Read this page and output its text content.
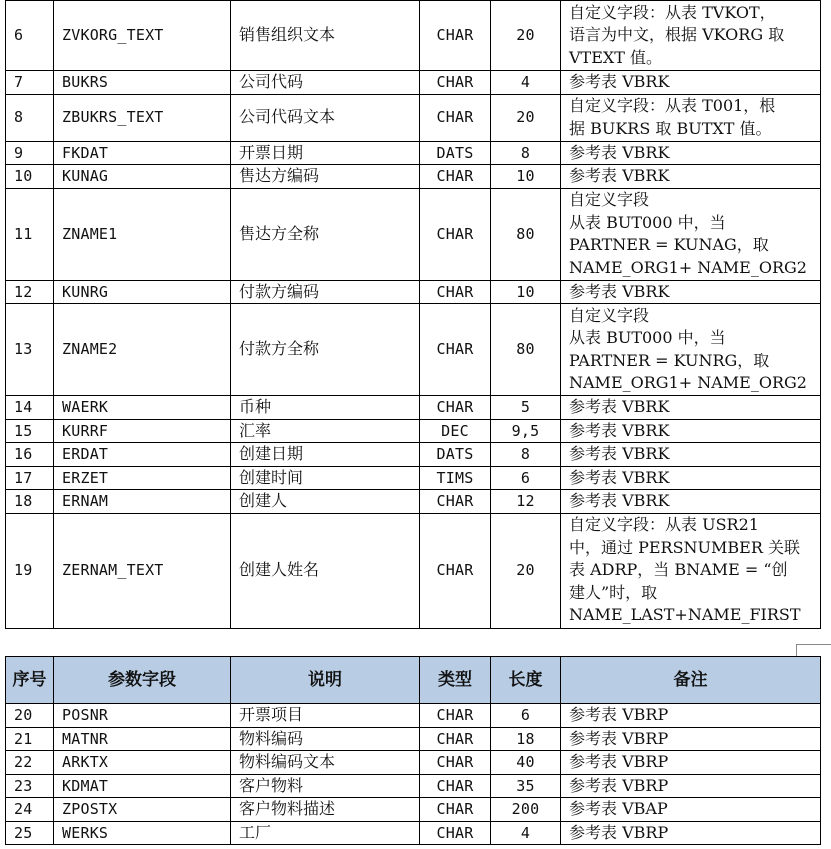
6	ZVKORG_TEXT	销售组织文本	CHAR	20	自定义字段：从表 TVKOT，
语言为中文，根据 VKORG 取
VTEXT 值。
7	BUKRS	公司代码	CHAR	4	参考表 VBRK
8	ZBUKRS_TEXT	公司代码文本	CHAR	20	自定义字段：从表 T001，根
据 BUKRS 取 BUTXT 值。
9	FKDAT	开票日期	DATS	8	参考表 VBRK
10	KUNAG	售达方编码	CHAR	10	参考表 VBRK
11	ZNAME1	售达方全称	CHAR	80	自定义字段
从表 BUT000 中，当
PARTNER = KUNAG，取
NAME_ORG1+ NAME_ORG2
12	KUNRG	付款方编码	CHAR	10	参考表 VBRK
13	ZNAME2	付款方全称	CHAR	80	自定义字段
从表 BUT000 中，当
PARTNER = KUNRG，取
NAME_ORG1+ NAME_ORG2
14	WAERK	币种	CHAR	5	参考表 VBRK
15	KURRF	汇率	DEC	9,5	参考表 VBRK
16	ERDAT	创建日期	DATS	8	参考表 VBRK
17	ERZET	创建时间	TIMS	6	参考表 VBRK
18	ERNAM	创建人	CHAR	12	参考表 VBRK
19	ZERNAM_TEXT	创建人姓名	CHAR	20	自定义字段：从表 USR21
中，通过 PERSNUMBER 关联
表 ADRP，当 BNAME = “创
建人”时，取
NAME_LAST+NAME_FIRST
序号	参数字段	说明	类型	长度	备注
20	POSNR	开票项目	CHAR	6	参考表 VBRP
21	MATNR	物料编码	CHAR	18	参考表 VBRP
22	ARKTX	物料编码文本	CHAR	40	参考表 VBRP
23	KDMAT	客户物料	CHAR	35	参考表 VBRP
24	ZPOSTX	客户物料描述	CHAR	200	参考表 VBAP
25	WERKS	工厂	CHAR	4	参考表 VBRP
